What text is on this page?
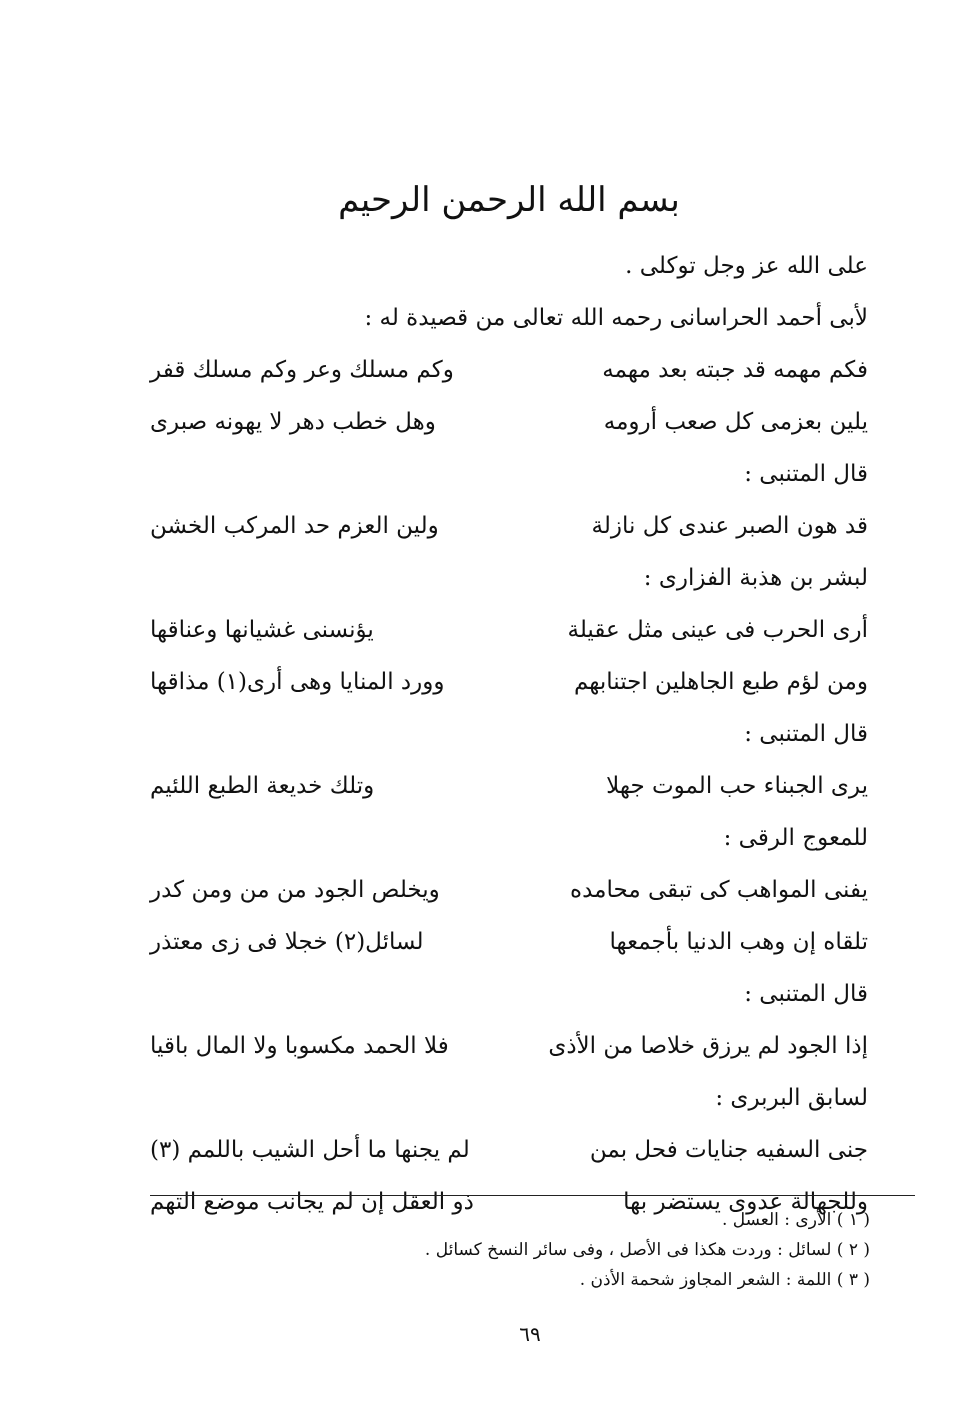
بسم الله الرحمن الرحيم
على الله عز وجل توكلى .
لأبى أحمد الحراسانى رحمه الله تعالى من قصيدة له :
فكم مهمه قد جبته بعد مهمه
وكم مسلك وعر وكم مسلك قفر
يلين بعزمى كل صعب أرومه
وهل خطب دهر لا يهونه صبرى
قال المتنبى :
قد هون الصبر عندى كل نازلة
ولين العزم حد المركب الخشن
لبشر بن هذبة الفزارى :
أرى الحرب فى عينى مثل عقيلة
يؤنسنى غشيانها وعناقها
ومن لؤم طبع الجاهلين اجتنابهم
وورد المنايا وهى أرى(١) مذاقها
قال المتنبى :
يرى الجبناء حب الموت جهلا
وتلك خديعة الطبع اللئيم
للمعوج الرقى :
يفنى المواهب كى تبقى محامده
ويخلص الجود من من ومن كدر
تلقاه إن وهب الدنيا بأجمعها
لسائل(٢) خجلا فى زى معتذر
قال المتنبى :
إذا الجود لم يرزق خلاصا من الأذى
فلا الحمد مكسوبا ولا المال باقيا
لسابق البربرى :
جنى السفيه جنايات فحل بمن
لم يجنها ما أحل الشيب باللمم (٣)
وللجهالة عدوى يستضر بها
ذو العقل إن لم يجانب موضع التهم
( ١ ) الأرى : العسل .
( ٢ ) لسائل : وردت هكذا فى الأصل ، وفى سائر النسخ كسائل .
( ٣ ) اللمة : الشعر المجاوز شحمة الأذن .
٦٩
